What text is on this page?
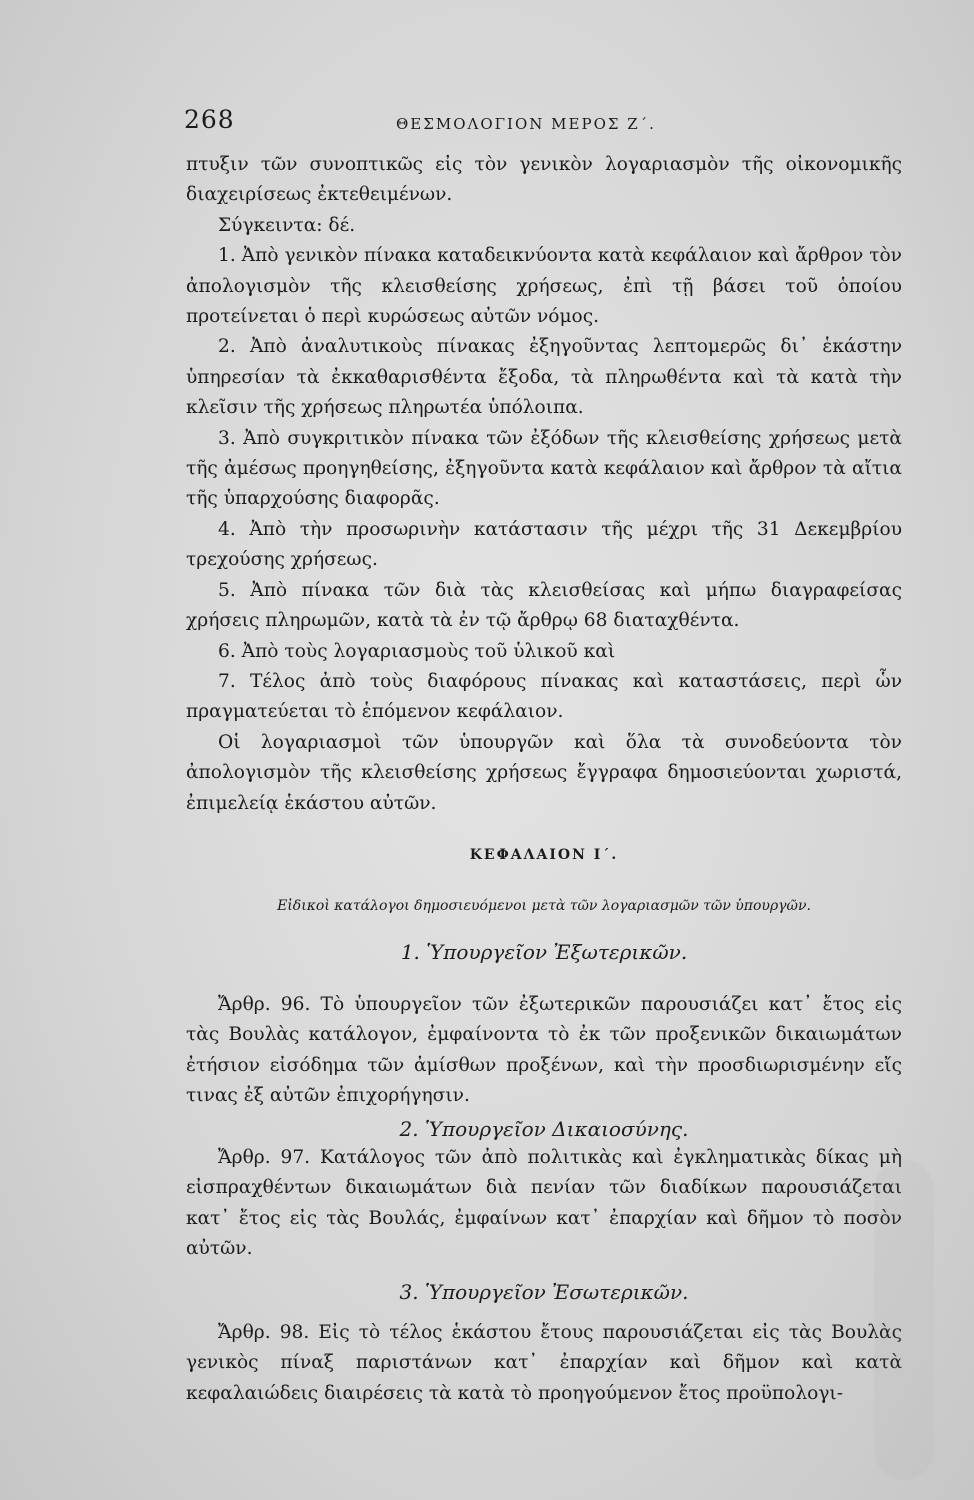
268	ΘΕΣΜΟΛΟΓΙΟΝ ΜΕΡΟΣ Ζ΄.

πτυξιν τῶν συνοπτικῶς εἰς τὸν γενικὸν λογαριασμὸν τῆς οἰκονομικῆς διαχειρίσεως ἐκτεθειμένων.

Σύγκειντα: δέ.

1. Ἀπὸ γενικὸν πίνακα καταδεικνύοντα κατὰ κεφάλαιον καὶ ἄρθρον τὸν ἀπολογισμὸν τῆς κλεισθείσης χρήσεως, ἐπὶ τῇ βάσει τοῦ ὁποίου προτείνεται ὁ περὶ κυρώσεως αὐτῶν νόμος.

2. Ἀπὸ ἀναλυτικοὺς πίνακας ἐξηγοῦντας λεπτομερῶς δι᾽ ἑκάστην ὑπηρεσίαν τὰ ἐκκαθαρισθέντα ἔξοδα, τὰ πληρωθέντα καὶ τὰ κατὰ τὴν κλεῖσιν τῆς χρήσεως πληρωτέα ὑπόλοιπα.

3. Ἀπὸ συγκριτικὸν πίνακα τῶν ἐξόδων τῆς κλεισθείσης χρήσεως μετὰ τῆς ἀμέσως προηγηθείσης, ἐξηγοῦντα κατὰ κεφάλαιον καὶ ἄρθρον τὰ αἴτια τῆς ὑπαρχούσης διαφορᾶς.

4. Ἀπὸ τὴν προσωρινὴν κατάστασιν τῆς μέχρι τῆς 31 Δεκεμβρίου τρεχούσης χρήσεως.

5. Ἀπὸ πίνακα τῶν διὰ τὰς κλεισθείσας καὶ μήπω διαγραφείσας χρήσεις πληρωμῶν, κατὰ τὰ ἐν τῷ ἄρθρῳ 68 διαταχθέντα.

6. Ἀπὸ τοὺς λογαριασμοὺς τοῦ ὑλικοῦ καὶ

7. Τέλος ἀπὸ τοὺς διαφόρους πίνακας καὶ καταστάσεις, περὶ ὧν πραγματεύεται τὸ ἑπόμενον κεφάλαιον.

Οἱ λογαριασμοὶ τῶν ὑπουργῶν καὶ ὅλα τὰ συνοδεύοντα τὸν ἀπολογισμὸν τῆς κλεισθείσης χρήσεως ἔγγραφα δημοσιεύονται χωριστά, ἐπιμελείᾳ ἑκάστου αὐτῶν.

ΚΕΦΑΛΑΙΟΝ Ι΄.
Εἰδικοὶ κατάλογοι δημοσιευόμενοι μετὰ τῶν λογαριασμῶν τῶν ὑπουργῶν.
1. Ὑπουργεῖον Ἐξωτερικῶν.

Ἄρθρ. 96. Τὸ ὑπουργεῖον τῶν ἐξωτερικῶν παρουσιάζει κατ᾽ ἔτος εἰς τὰς Βουλὰς κατάλογον, ἐμφαίνοντα τὸ ἐκ τῶν προξενικῶν δικαιωμάτων ἐτήσιον εἰσόδημα τῶν ἀμίσθων προξένων, καὶ τὴν προσδιωρισμένην εἴς τινας ἐξ αὐτῶν ἐπιχορήγησιν.

2. Ὑπουργεῖον Δικαιοσύνης.

Ἄρθρ. 97. Κατάλογος τῶν ἀπὸ πολιτικὰς καὶ ἐγκληματικὰς δίκας μὴ εἰσπραχθέντων δικαιωμάτων διὰ πενίαν τῶν διαδίκων παρουσιάζεται κατ᾽ ἔτος εἰς τὰς Βουλάς, ἐμφαίνων κατ᾽ ἐπαρχίαν καὶ δῆμον τὸ ποσὸν αὐτῶν.

3. Ὑπουργεῖον Ἐσωτερικῶν.

Ἄρθρ. 98. Εἰς τὸ τέλος ἑκάστου ἔτους παρουσιάζεται εἰς τὰς Βουλὰς γενικὸς πίναξ παριστάνων κατ᾽ ἐπαρχίαν καὶ δῆμον καὶ κατὰ κεφαλαιώδεις διαιρέσεις τὰ κατὰ τὸ προηγούμενον ἔτος προϋπολογι-
